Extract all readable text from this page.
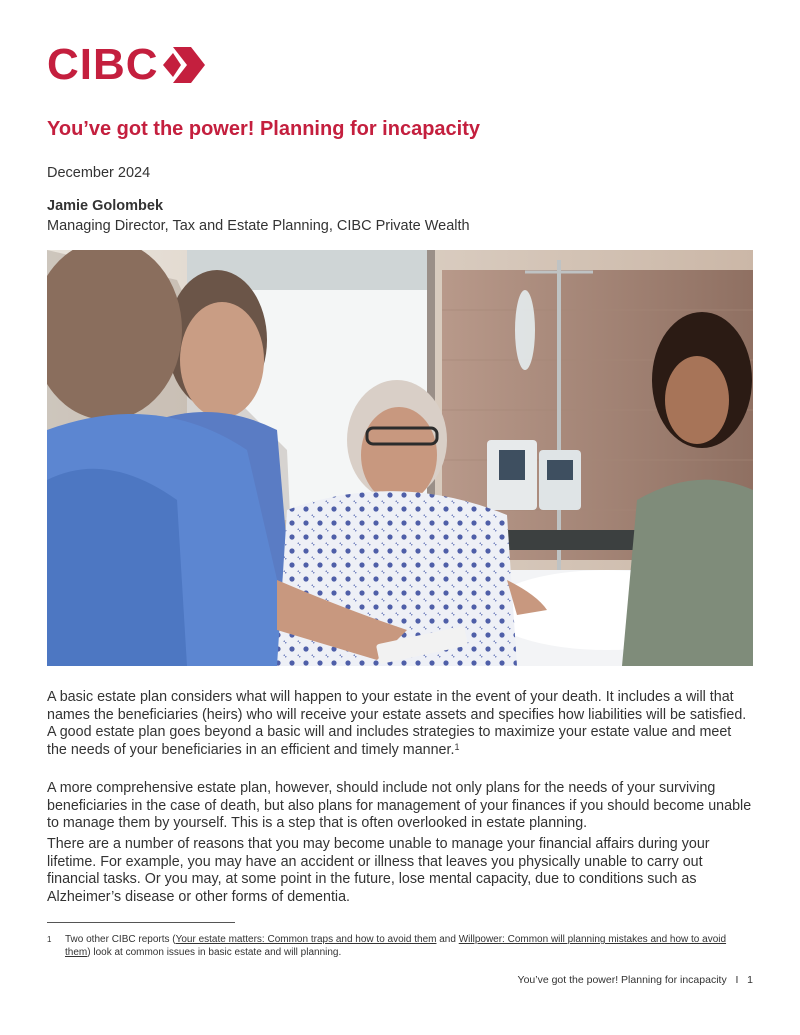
CIBC
You’ve got the power! Planning for incapacity
December 2024
Jamie Golombek
Managing Director, Tax and Estate Planning, CIBC Private Wealth

A basic estate plan considers what will happen to your estate in the event of your death. It includes a will that names the beneficiaries (heirs) who will receive your estate assets and specifies how liabilities will be satisfied. A good estate plan goes beyond a basic will and includes strategies to maximize your estate value and meet the needs of your beneficiaries in an efficient and timely manner.$^1$

A more comprehensive estate plan, however, should include not only plans for the needs of your surviving beneficiaries in the case of death, but also plans for management of your finances if you should become unable to manage them by yourself. This is a step that is often overlooked in estate planning.

There are a number of reasons that you may become unable to manage your financial affairs during your lifetime. For example, you may have an accident or illness that leaves you physically unable to carry out financial tasks. Or you may, at some point in the future, lose mental capacity, due to conditions such as Alzheimer’s disease or other forms of dementia.

1 Two other CIBC reports (Your estate matters: Common traps and how to avoid them and Willpower: Common will planning mistakes and how to avoid them) look at common issues in basic estate and will planning.
You’ve got the power! Planning for incapacity I 1
